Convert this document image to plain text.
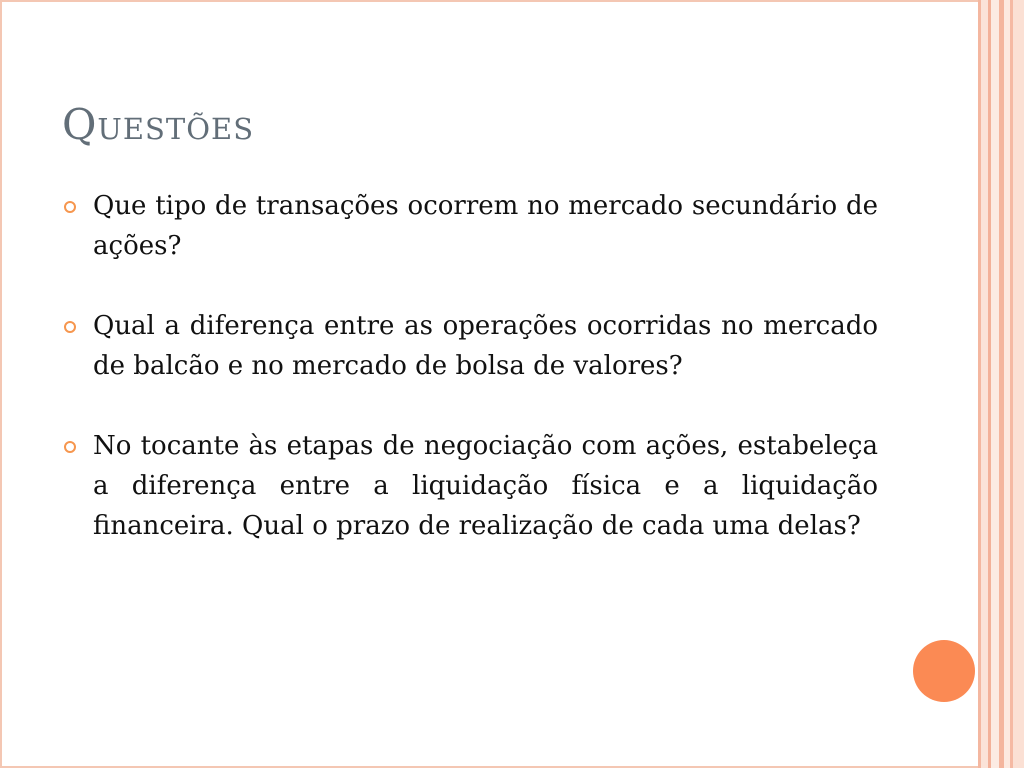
Questões
Que tipo de transações ocorrem no mercado secundário de ações?
Qual a diferença entre as operações ocorridas no mercado de balcão e no mercado de bolsa de valores?
No tocante às etapas de negociação com ações, estabeleça a diferença entre a liquidação física e a liquidação financeira. Qual o prazo de realização de cada uma delas?
